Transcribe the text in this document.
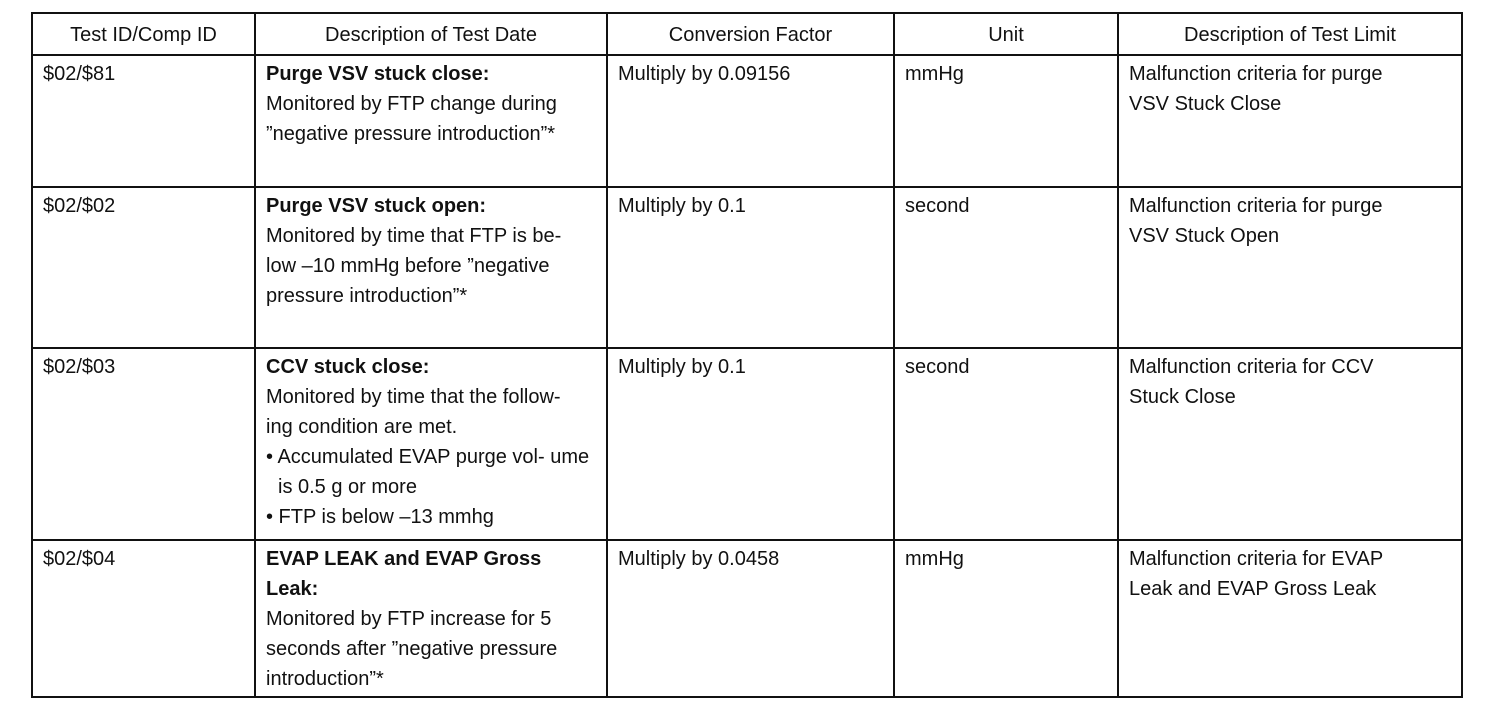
Test ID/Comp ID	Description of Test Date	Conversion Factor	Unit	Description of Test Limit
$02/$81	Purge VSV stuck close:
Monitored by FTP change during
”negative pressure introduction”*	Multiply by 0.09156	mmHg	Malfunction criteria for purge
VSV Stuck Close

$02/$02	Purge VSV stuck open:
Monitored by time that FTP is be-
low –10 mmHg before ”negative
pressure introduction”*	Multiply by 0.1	second	Malfunction criteria for purge
VSV Stuck Open

$02/$03	CCV stuck close:
Monitored by time that the follow-
ing condition are met.
• Accumulated EVAP purge vol- ume is 0.5 g or more
• FTP is below –13 mmhg	Multiply by 0.1	second	Malfunction criteria for CCV
Stuck Close

$02/$04	EVAP LEAK and EVAP Gross Leak:
Monitored by FTP increase for 5
seconds after ”negative pressure
introduction”*	Multiply by 0.0458	mmHg	Malfunction criteria for EVAP
Leak and EVAP Gross Leak
